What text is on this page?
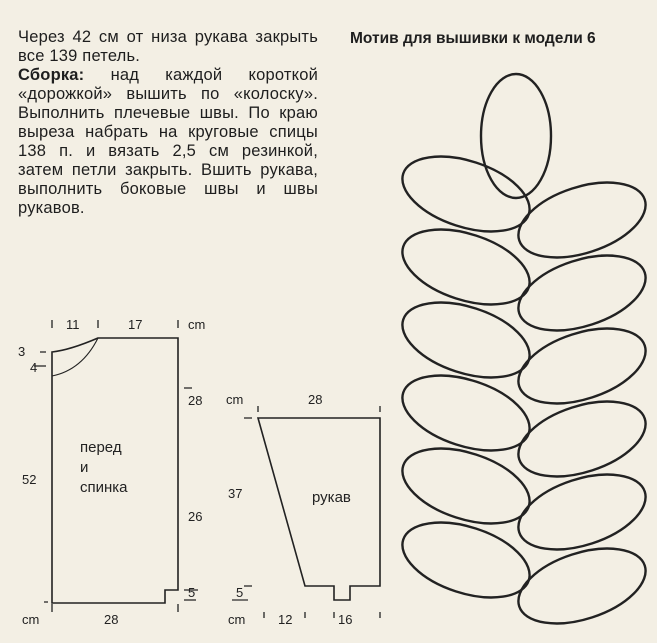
Через 42 см от низа рукава закрыть все 139 петель.

Сборка: над каждой короткой «дорожкой» вышить по «колоску». Выполнить плечевые швы. По краю выреза набрать на круговые спицы 138 п. и вязать 2,5 см резинкой, затем петли закрыть. Вшить рукава, выполнить боковые швы и швы рукавов.

Мотив для вышивки к модели 6
11	17	cm
3
4
28
26
52
5
cm	28
перед
и
спинка
cm	28
37
5
cm	12	16
рукав
